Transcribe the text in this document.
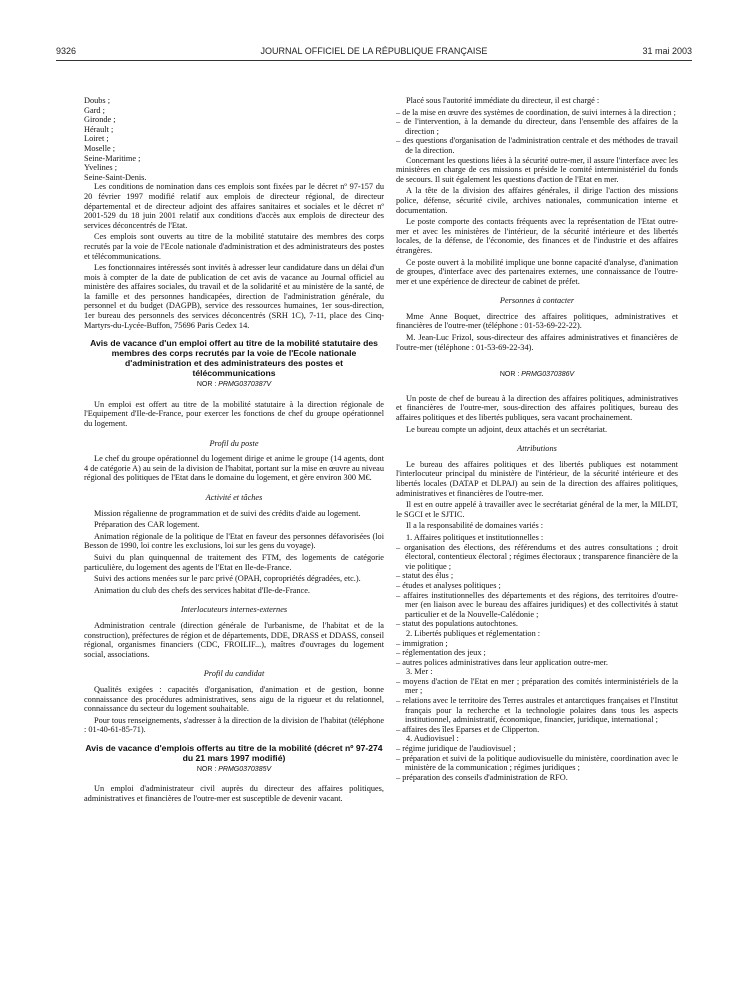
9326	JOURNAL OFFICIEL DE LA RÉPUBLIQUE FRANÇAISE	31 mai 2003

Doubs ;

Gard ;

Gironde ;

Hérault ;

Loiret ;

Moselle ;

Seine-Maritime ;

Yvelines ;

Seine-Saint-Denis.

Les conditions de nomination dans ces emplois sont fixées par le décret nº 97-157 du 20 février 1997 modifié relatif aux emplois de directeur régional, de directeur départemental et de directeur adjoint des affaires sanitaires et sociales et le décret nº 2001-529 du 18 juin 2001 relatif aux conditions d'accès aux emplois de directeur des services déconcentrés de l'Etat.

Ces emplois sont ouverts au titre de la mobilité statutaire des membres des corps recrutés par la voie de l'Ecole nationale d'administration et des administrateurs des postes et télécommunications.

Les fonctionnaires intéressés sont invités à adresser leur candidature dans un délai d'un mois à compter de la date de publication de cet avis de vacance au Journal officiel au ministère des affaires sociales, du travail et de la solidarité et au ministère de la santé, de la famille et des personnes handicapées, direction de l'administration générale, du personnel et du budget (DAGPB), service des ressources humaines, 1er sous-direction, 1er bureau des personnels des services déconcentrés (SRH 1C), 7-11, place des Cinq-Martyrs-du-Lycée-Buffon, 75696 Paris Cedex 14.

Avis de vacance d'un emploi offert au titre de la mobilité statutaire des membres des corps recrutés par la voie de l'Ecole nationale d'administration et des administrateurs des postes et télécommunications
NOR : PRMG0370387V

Un emploi est offert au titre de la mobilité statutaire à la direction régionale de l'Equipement d'Ile-de-France, pour exercer les fonctions de chef du groupe opérationnel du logement.

Profil du poste

Le chef du groupe opérationnel du logement dirige et anime le groupe (14 agents, dont 4 de catégorie A) au sein de la division de l'habitat, portant sur la mise en œuvre au niveau régional des politiques de l'Etat dans le domaine du logement, et gère environ 300 M€.

Activité et tâches

Mission régalienne de programmation et de suivi des crédits d'aide au logement.

Préparation des CAR logement.

Animation régionale de la politique de l'Etat en faveur des personnes défavorisées (loi Besson de 1990, loi contre les exclusions, loi sur les gens du voyage).

Suivi du plan quinquennal de traitement des FTM, des logements de catégorie particulière, du logement des agents de l'Etat en Ile-de-France.

Suivi des actions menées sur le parc privé (OPAH, copropriétés dégradées, etc.).

Animation du club des chefs des services habitat d'Ile-de-France.

Interlocuteurs internes-externes

Administration centrale (direction générale de l'urbanisme, de l'habitat et de la construction), préfectures de région et de départements, DDE, DRASS et DDASS, conseil régional, organismes financiers (CDC, FROILIF...), maîtres d'ouvrages du logement social, associations.

Profil du candidat

Qualités exigées : capacités d'organisation, d'animation et de gestion, bonne connaissance des procédures administratives, sens aigu de la rigueur et du relationnel, connaissance du secteur du logement souhaitable.

Pour tous renseignements, s'adresser à la direction de la division de l'habitat (téléphone : 01-40-61-85-71).

Avis de vacance d'emplois offerts au titre de la mobilité (décret nº 97-274 du 21 mars 1997 modifié)
NOR : PRMG0370385V

Un emploi d'administrateur civil auprès du directeur des affaires politiques, administratives et financières de l'outre-mer est susceptible de devenir vacant.

Placé sous l'autorité immédiate du directeur, il est chargé :

– de la mise en œuvre des systèmes de coordination, de suivi internes à la direction ;

– de l'intervention, à la demande du directeur, dans l'ensemble des affaires de la direction ;

– des questions d'organisation de l'administration centrale et des méthodes de travail de la direction.

Concernant les questions liées à la sécurité outre-mer, il assure l'interface avec les ministères en charge de ces missions et préside le comité interministériel du fonds de secours. Il suit également les questions d'action de l'Etat en mer.

A la tête de la division des affaires générales, il dirige l'action des missions police, défense, sécurité civile, archives nationales, communication interne et documentation.

Le poste comporte des contacts fréquents avec la représentation de l'Etat outre-mer et avec les ministères de l'intérieur, de la sécurité intérieure et des libertés locales, de la défense, de l'économie, des finances et de l'industrie et des affaires étrangères.

Ce poste ouvert à la mobilité implique une bonne capacité d'analyse, d'animation de groupes, d'interface avec des partenaires externes, une connaissance de l'outre-mer et une expérience de directeur de cabinet de préfet.

Personnes à contacter

Mme Anne Boquet, directrice des affaires politiques, administratives et financières de l'outre-mer (téléphone : 01-53-69-22-22).

M. Jean-Luc Frizol, sous-directeur des affaires administratives et financières de l'outre-mer (téléphone : 01-53-69-22-34).

NOR : PRMG0370386V

Un poste de chef de bureau à la direction des affaires politiques, administratives et financières de l'outre-mer, sous-direction des affaires politiques, bureau des affaires politiques et des libertés publiques, sera vacant prochainement.

Le bureau compte un adjoint, deux attachés et un secrétariat.

Attributions

Le bureau des affaires politiques et des libertés publiques est notamment l'interlocuteur principal du ministère de l'intérieur, de la sécurité intérieure et des libertés locales (DATAP et DLPAJ) au sein de la direction des affaires politiques, administratives et financières de l'outre-mer.

Il est en outre appelé à travailler avec le secrétariat général de la mer, la MILDT, le SGCI et le SJTIC.

Il a la responsabilité de domaines variés :

1. Affaires politiques et institutionnelles :

– organisation des élections, des référendums et des autres consultations ; droit électoral, contentieux électoral ; régimes électoraux ; transparence financière de la vie politique ;

– statut des élus ;

– études et analyses politiques ;

– affaires institutionnelles des départements et des régions, des territoires d'outre-mer (en liaison avec le bureau des affaires juridiques) et des collectivités à statut particulier et de la Nouvelle-Calédonie ;

– statut des populations autochtones.

2. Libertés publiques et réglementation :

– immigration ;

– réglementation des jeux ;

– autres polices administratives dans leur application outre-mer.

3. Mer :

– moyens d'action de l'Etat en mer ; préparation des comités interministériels de la mer ;

– relations avec le territoire des Terres australes et antarctiques françaises et l'Institut français pour la recherche et la technologie polaires dans tous les aspects institutionnel, administratif, économique, financier, juridique, international ;

– affaires des îles Eparses et de Clipperton.

4. Audiovisuel :

– régime juridique de l'audiovisuel ;

– préparation et suivi de la politique audiovisuelle du ministère, coordination avec le ministère de la communication ; régimes juridiques ;

– préparation des conseils d'administration de RFO.
